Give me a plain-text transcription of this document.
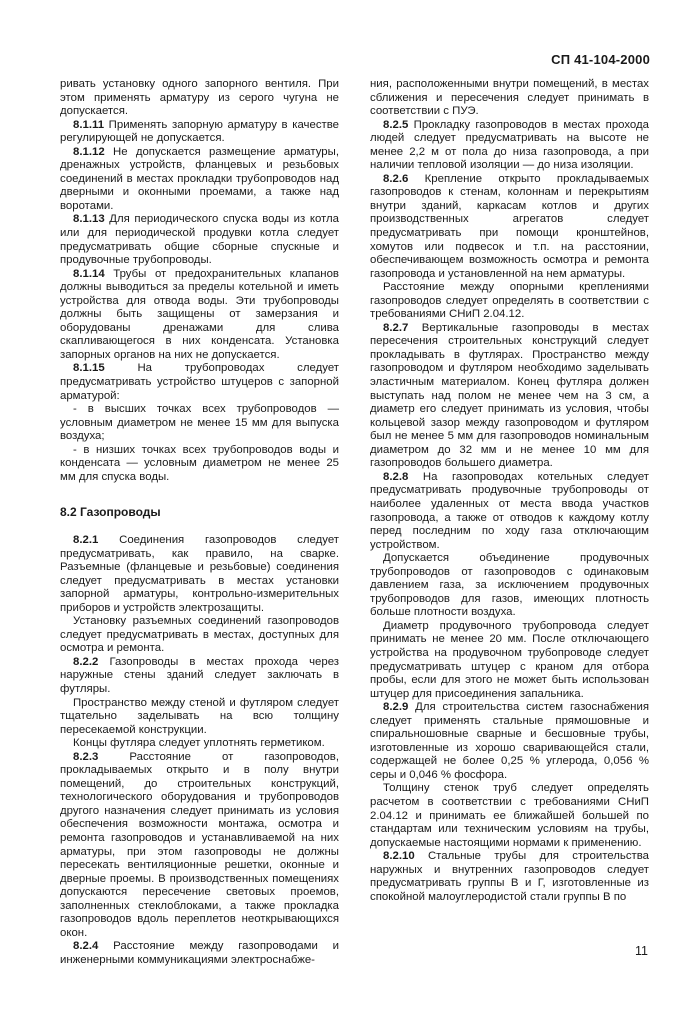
СП 41-104-2000

ривать установку одного запорного вентиля. При этом применять арматуру из серого чугуна не допускается.

8.1.11 Применять запорную арматуру в качестве регулирующей не допускается.

8.1.12 Не допускается размещение арматуры, дренажных устройств, фланцевых и резьбовых соединений в местах прокладки трубопроводов над дверными и оконными проемами, а также над воротами.

8.1.13 Для периодического спуска воды из котла или для периодической продувки котла следует предусматривать общие сборные спускные и продувочные трубопроводы.

8.1.14 Трубы от предохранительных клапанов должны выводиться за пределы котельной и иметь устройства для отвода воды. Эти трубопроводы должны быть защищены от замерзания и оборудованы дренажами для слива скапливающегося в них конденсата. Установка запорных органов на них не допускается.

8.1.15 На трубопроводах следует предусматривать устройство штуцеров с запорной арматурой:

- в высших точках всех трубопроводов — условным диаметром не менее 15 мм для выпуска воздуха;

- в низших точках всех трубопроводов воды и конденсата — условным диаметром не менее 25 мм для спуска воды.

8.2 Газопроводы

8.2.1 Соединения газопроводов следует предусматривать, как правило, на сварке. Разъемные (фланцевые и резьбовые) соединения следует предусматривать в местах установки запорной арматуры, контрольно-измерительных приборов и устройств электрозащиты.

Установку разъемных соединений газопроводов следует предусматривать в местах, доступных для осмотра и ремонта.

8.2.2 Газопроводы в местах прохода через наружные стены зданий следует заключать в футляры.

Пространство между стеной и футляром следует тщательно заделывать на всю толщину пересекаемой конструкции.

Концы футляра следует уплотнять герметиком.

8.2.3 Расстояние от газопроводов, прокладываемых открыто и в полу внутри помещений, до строительных конструкций, технологического оборудования и трубопроводов другого назначения следует принимать из условия обеспечения возможности монтажа, осмотра и ремонта газопроводов и устанавливаемой на них арматуры, при этом газопроводы не должны пересекать вентиляционные решетки, оконные и дверные проемы. В производственных помещениях допускаются пересечение световых проемов, заполненных стеклоблоками, а также прокладка газопроводов вдоль переплетов неоткрывающихся окон.

8.2.4 Расстояние между газопроводами и инженерными коммуникациями электроснабже-

ния, расположенными внутри помещений, в местах сближения и пересечения следует принимать в соответствии с ПУЭ.

8.2.5 Прокладку газопроводов в местах прохода людей следует предусматривать на высоте не менее 2,2 м от пола до низа газопровода, а при наличии тепловой изоляции — до низа изоляции.

8.2.6 Крепление открыто прокладываемых газопроводов к стенам, колоннам и перекрытиям внутри зданий, каркасам котлов и других производственных агрегатов следует предусматривать при помощи кронштейнов, хомутов или подвесок и т.п. на расстоянии, обеспечивающем возможность осмотра и ремонта газопровода и установленной на нем арматуры.

Расстояние между опорными креплениями газопроводов следует определять в соответствии с требованиями СНиП 2.04.12.

8.2.7 Вертикальные газопроводы в местах пересечения строительных конструкций следует прокладывать в футлярах. Пространство между газопроводом и футляром необходимо заделывать эластичным материалом. Конец футляра должен выступать над полом не менее чем на 3 см, а диаметр его следует принимать из условия, чтобы кольцевой зазор между газопроводом и футляром был не менее 5 мм для газопроводов номинальным диаметром до 32 мм и не менее 10 мм для газопроводов большего диаметра.

8.2.8 На газопроводах котельных следует предусматривать продувочные трубопроводы от наиболее удаленных от места ввода участков газопровода, а также от отводов к каждому котлу перед последним по ходу газа отключающим устройством.

Допускается объединение продувочных трубопроводов от газопроводов с одинаковым давлением газа, за исключением продувочных трубопроводов для газов, имеющих плотность больше плотности воздуха.

Диаметр продувочного трубопровода следует принимать не менее 20 мм. После отключающего устройства на продувочном трубопроводе следует предусматривать штуцер с краном для отбора пробы, если для этого не может быть использован штуцер для присоединения запальника.

8.2.9 Для строительства систем газоснабжения следует применять стальные прямошовные и спиральношовные сварные и бесшовные трубы, изготовленные из хорошо сваривающейся стали, содержащей не более 0,25 % углерода, 0,056 % серы и 0,046 % фосфора.

Толщину стенок труб следует определять расчетом в соответствии с требованиями СНиП 2.04.12 и принимать ее ближайшей большей по стандартам или техническим условиям на трубы, допускаемые настоящими нормами к применению.

8.2.10 Стальные трубы для строительства наружных и внутренних газопроводов следует предусматривать группы В и Г, изготовленные из спокойной малоуглеродистой стали группы В по

11
